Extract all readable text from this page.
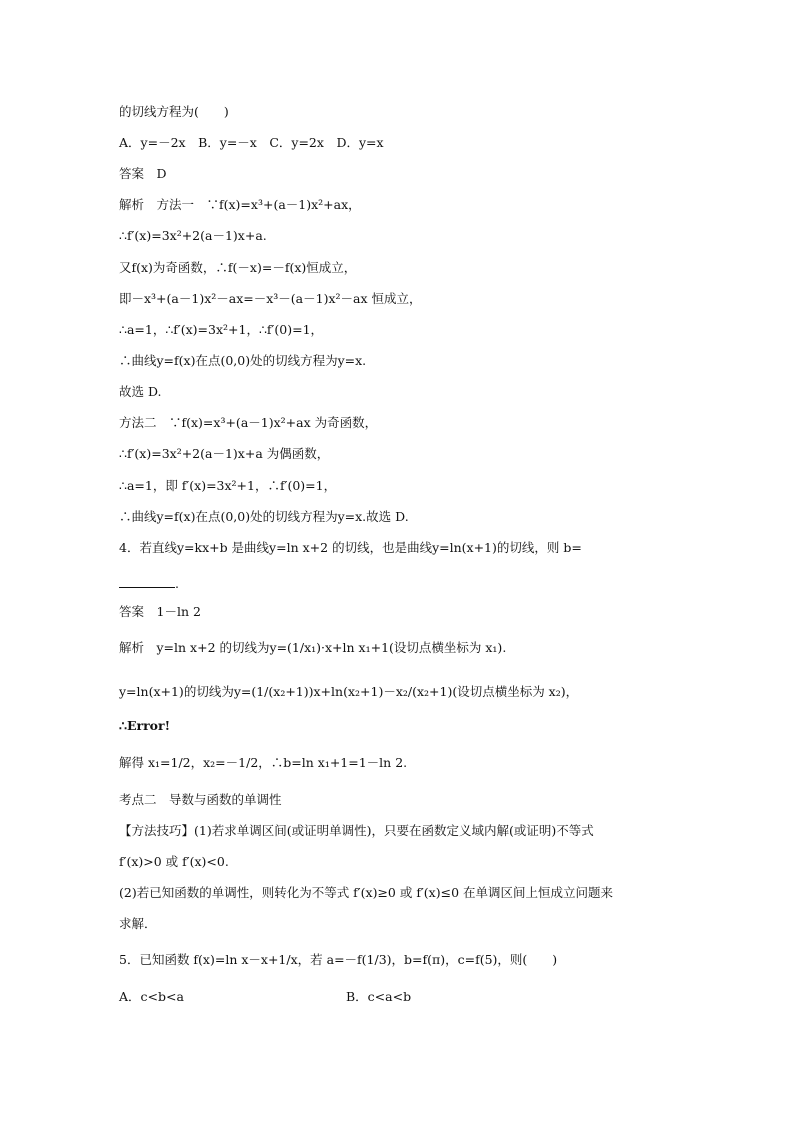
的切线方程为(　　)
A．y=－2x　B．y=－x　C．y=2x　D．y=x
答案　D
解析　方法一　∵f(x)=x³+(a－1)x²+ax，
∴f′(x)=3x²+2(a－1)x+a.
又f(x)为奇函数，∴f(－x)=－f(x)恒成立，
即－x³+(a－1)x²－ax=－x³－(a－1)x²－ax 恒成立，
∴a=1，∴f′(x)=3x²+1，∴f′(0)=1，
∴曲线y=f(x)在点(0,0)处的切线方程为y=x.
故选 D.
方法二　∵f(x)=x³+(a－1)x²+ax 为奇函数，
∴f′(x)=3x²+2(a－1)x+a 为偶函数，
∴a=1，即 f′(x)=3x²+1，∴f′(0)=1，
∴曲线y=f(x)在点(0,0)处的切线方程为y=x.故选 D.
4．若直线y=kx+b 是曲线y=ln x+2 的切线，也是曲线y=ln(x+1)的切线，则 b=
答案　1－ln 2
解析　y=ln x+2 的切线为y=(1/x₁)·x+ln x₁+1(设切点横坐标为 x₁).
y=ln(x+1)的切线为y=(1/(x₂+1))x+ln(x₂+1)－x₂/(x₂+1)(设切点横坐标为 x₂)，
∴Error!
解得 x₁=1/2，x₂=－1/2，∴b=ln x₁+1=1－ln 2.
考点二　导数与函数的单调性
【方法技巧】(1)若求单调区间(或证明单调性)，只要在函数定义域内解(或证明)不等式
f′(x)>0 或 f′(x)<0.
(2)若已知函数的单调性，则转化为不等式 f′(x)≥0 或 f′(x)≤0 在单调区间上恒成立问题来
求解．
5．已知函数 f(x)=ln x－x+1/x，若 a=－f(1/3)，b=f(π)，c=f(5)，则(　　)
.
A．c<b<a	B．c<a<b
